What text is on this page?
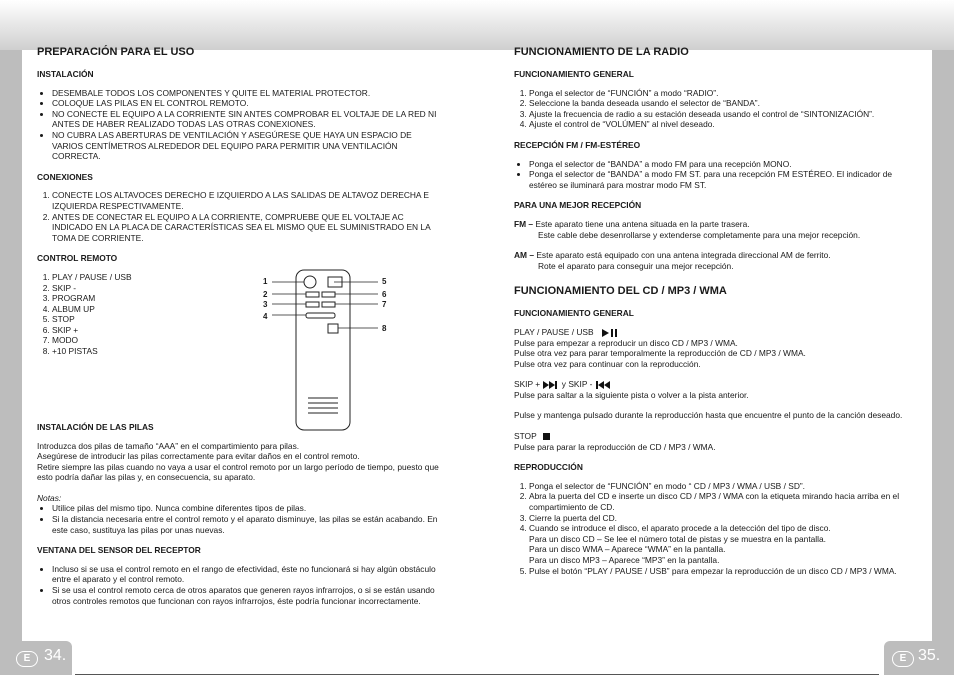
PREPARACIÓN PARA EL USO
INSTALACIÓN
• DESEMBALE TODOS LOS COMPONENTES Y QUITE EL MATERIAL PROTECTOR.
• COLOQUE LAS PILAS EN EL CONTROL REMOTO.
• NO CONECTE EL EQUIPO A LA CORRIENTE SIN ANTES COMPROBAR EL VOLTAJE DE LA RED NI ANTES DE HABER REALIZADO TODAS LAS OTRAS CONEXIONES.
• NO CUBRA LAS ABERTURAS DE VENTILACIÓN Y ASEGÚRESE QUE HAYA UN ESPACIO DE VARIOS CENTÍMETROS ALREDEDOR DEL EQUIPO PARA PERMITIR UNA VENTILACIÓN CORRECTA.
CONEXIONES
1. CONECTE LOS ALTAVOCES DERECHO E IZQUIERDO A LAS SALIDAS DE ALTAVOZ DERECHA E IZQUIERDA RESPECTIVAMENTE.
2. ANTES DE CONECTAR EL EQUIPO A LA CORRIENTE, COMPRUEBE QUE EL VOLTAJE AC INDICADO EN LA PLACA DE CARACTERÍSTICAS SEA EL MISMO QUE EL SUMINISTRADO EN LA TOMA DE CORRIENTE.
CONTROL REMOTO
1. PLAY / PAUSE / USB
2. SKIP -
3. PROGRAM
4. ALBUM UP
5. STOP
6. SKIP +
7. MODO
8. +10 PISTAS
1
2
3
4
5
6
7
8
INSTALACIÓN DE LAS PILAS

Introduzca dos pilas de tamaño “AAA” en el compartimiento para pilas.

Asegúrese de introducir las pilas correctamente para evitar daños en el control remoto.

Retire siempre las pilas cuando no vaya a usar el control remoto por un largo período de tiempo, puesto que esto podría dañar las pilas y, en consecuencia, su aparato.

Notas:

• Utilice pilas del mismo tipo. Nunca combine diferentes tipos de pilas.
• Si la distancia necesaria entre el control remoto y el aparato disminuye, las pilas se están acabando. En este caso, sustituya las pilas por unas nuevas.
VENTANA DEL SENSOR DEL RECEPTOR
• Incluso si se usa el control remoto en el rango de efectividad, éste no funcionará si hay algún obstáculo entre el aparato y el control remoto.
• Si se usa el control remoto cerca de otros aparatos que generen rayos infrarrojos, o si se están usando otros controles remotos que funcionan con rayos infrarrojos, éste podría funcionar incorrectamente.
FUNCIONAMIENTO DE LA RADIO
FUNCIONAMIENTO GENERAL
1. Ponga el selector de “FUNCIÓN” a modo “RADIO”.
2. Seleccione la banda deseada usando el selector de “BANDA”.
3. Ajuste la frecuencia de radio a su estación deseada usando el control de “SINTONIZACIÓN”.
4. Ajuste el control de “VOLÚMEN” al nivel deseado.
RECEPCIÓN FM / FM-ESTÉREO
• Ponga el selector de “BANDA” a modo FM para una recepción MONO.
• Ponga el selector de “BANDA” a modo FM ST. para una recepción FM ESTÉREO. El indicador de estéreo se iluminará para mostrar modo FM ST.
PARA UNA MEJOR RECEPCIÓN

FM – Este aparato tiene una antena situada en la parte trasera.

Este cable debe desenrollarse y extenderse completamente para una mejor recepción.

AM – Este aparato está equipado con una antena integrada direccional AM de ferrito.

Rote el aparato para conseguir una mejor recepción.

FUNCIONAMIENTO DEL CD / MP3 / WMA
FUNCIONAMIENTO GENERAL

PLAY / PAUSE / USB

Pulse para empezar a reproducir un disco CD / MP3 / WMA.

Pulse otra vez para parar temporalmente la reproducción de CD / MP3 / WMA.

Pulse otra vez para continuar con la reproducción.

SKIP +  y SKIP -

Pulse para saltar a la siguiente pista o volver a la pista anterior.

Pulse y mantenga pulsado durante la reproducción hasta que encuentre el punto de la canción deseado.

STOP

Pulse para parar la reproducción de CD / MP3 / WMA.

REPRODUCCIÓN
1. Ponga el selector de “FUNCIÓN” en modo “ CD / MP3 / WMA / USB / SD”.
2. Abra la puerta del CD e inserte un disco CD / MP3 / WMA con la etiqueta mirando hacia arriba en el compartimiento de CD.
3. Cierre la puerta del CD.
4. Cuando se introduce el disco, el aparato procede a la detección del tipo de disco.
Para un disco CD – Se lee el número total de pistas y se muestra en la pantalla.
Para un disco WMA – Aparece “WMA” en la pantalla.
Para un disco MP3 – Aparece “MP3” en la pantalla.
5. Pulse el botón “PLAY / PAUSE / USB” para empezar la reproducción de un disco CD / MP3 / WMA.
E 34.	E 35.
